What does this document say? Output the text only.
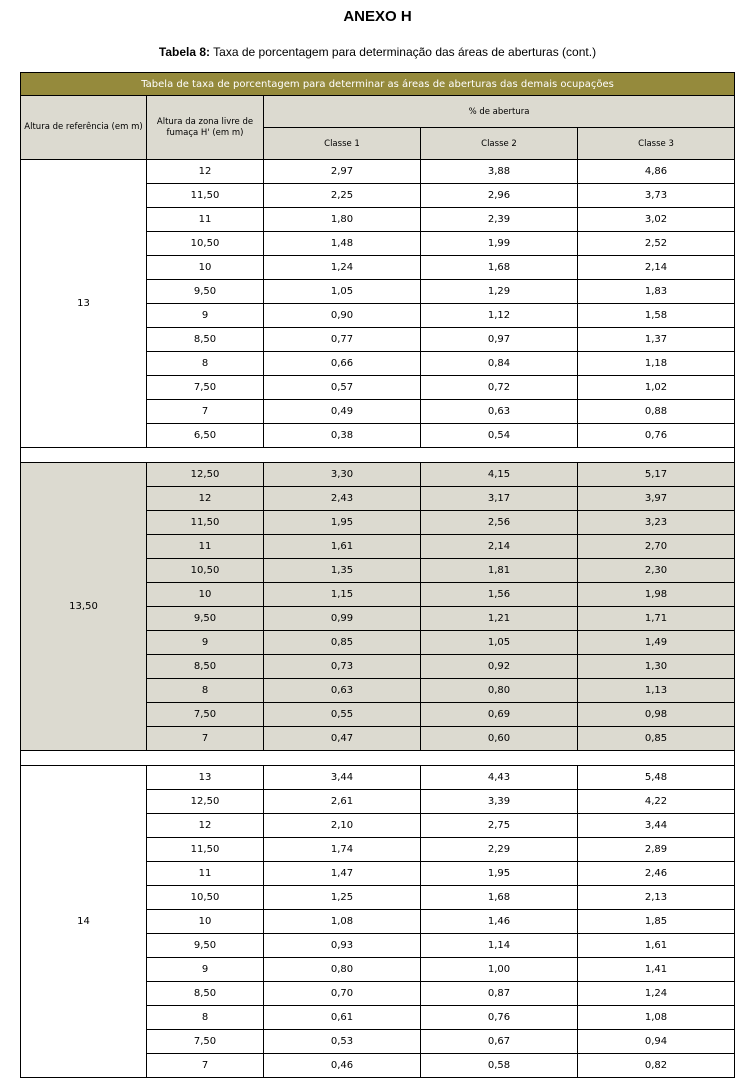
ANEXO H
Tabela 8: Taxa de porcentagem para determinação das áreas de aberturas (cont.)
Tabela de taxa de porcentagem para determinar as áreas de aberturas das demais ocupações				
Altura de referência (em m)	Altura da zona livre de fumaça H' (em m)	% de abertura		
		Classe 1	Classe 2	Classe 3
13	12	2,97	3,88	4,86
	11,50	2,25	2,96	3,73
	11	1,80	2,39	3,02
	10,50	1,48	1,99	2,52
	10	1,24	1,68	2,14
	9,50	1,05	1,29	1,83
	9	0,90	1,12	1,58
	8,50	0,77	0,97	1,37
	8	0,66	0,84	1,18
	7,50	0,57	0,72	1,02
	7	0,49	0,63	0,88
	6,50	0,38	0,54	0,76

13,50	12,50	3,30	4,15	5,17
	12	2,43	3,17	3,97
	11,50	1,95	2,56	3,23
	11	1,61	2,14	2,70
	10,50	1,35	1,81	2,30
	10	1,15	1,56	1,98
	9,50	0,99	1,21	1,71
	9	0,85	1,05	1,49
	8,50	0,73	0,92	1,30
	8	0,63	0,80	1,13
	7,50	0,55	0,69	0,98
	7	0,47	0,60	0,85

14	13	3,44	4,43	5,48
	12,50	2,61	3,39	4,22
	12	2,10	2,75	3,44
	11,50	1,74	2,29	2,89
	11	1,47	1,95	2,46
	10,50	1,25	1,68	2,13
	10	1,08	1,46	1,85
	9,50	0,93	1,14	1,61
	9	0,80	1,00	1,41
	8,50	0,70	0,87	1,24
	8	0,61	0,76	1,08
	7,50	0,53	0,67	0,94
	7	0,46	0,58	0,82
